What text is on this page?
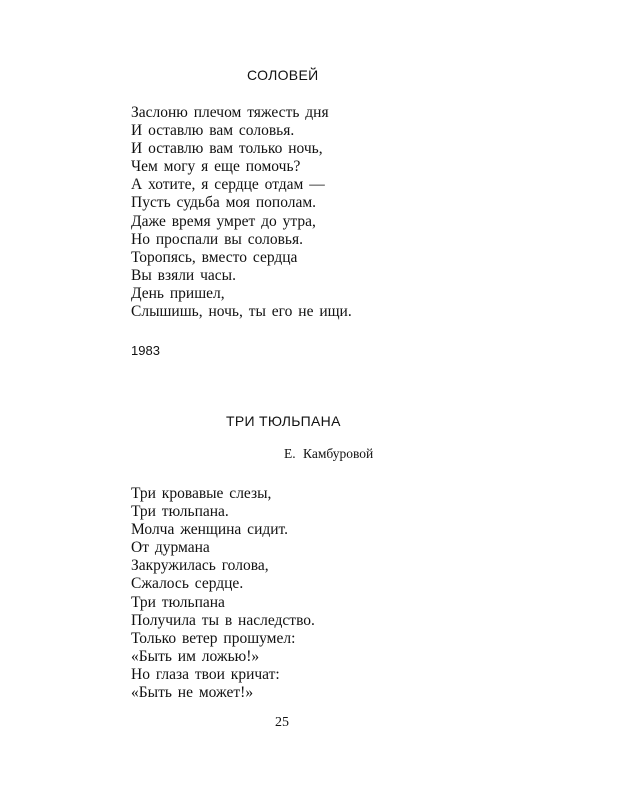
СОЛОВЕЙ
Заслоню плечом тяжесть дня
И оставлю вам соловья.
И оставлю вам только ночь,
Чем могу я еще помочь?
А хотите, я сердце отдам —
Пусть судьба моя пополам.
Даже время умрет до утра,
Но проспали вы соловья.
Торопясь, вместо сердца
Вы взяли часы.
День пришел,
Слышишь, ночь, ты его не ищи.
1983
ТРИ ТЮЛЬПАНА
Е. Камбуровой
Три кровавые слезы,
Три тюльпана.
Молча женщина сидит.
От дурмана
Закружилась голова,
Сжалось сердце.
Три тюльпана
Получила ты в наследство.
Только ветер прошумел:
«Быть им ложью!»
Но глаза твои кричат:
«Быть не может!»
25
